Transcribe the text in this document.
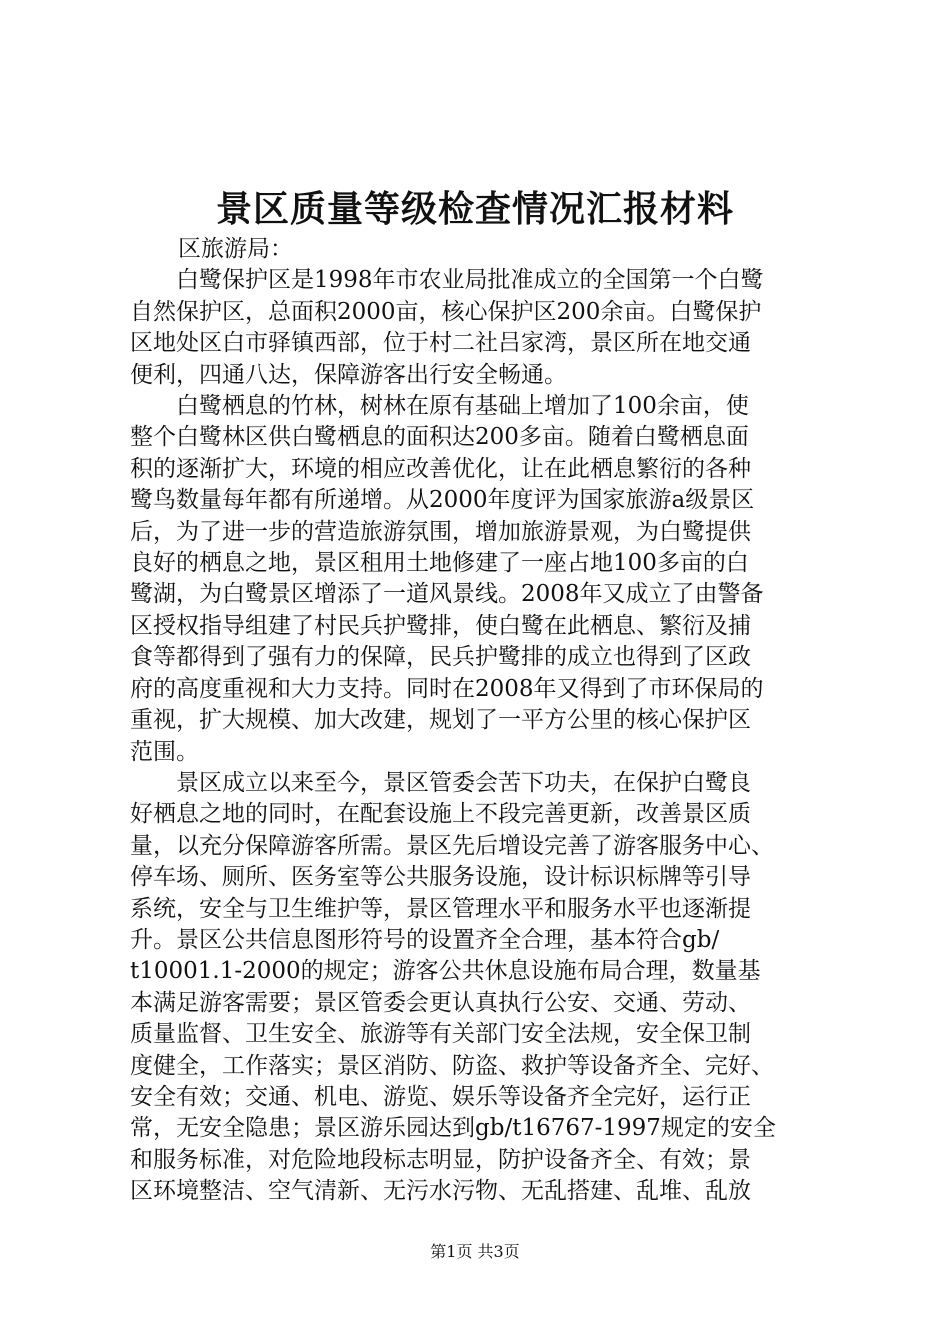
景区质量等级检查情况汇报材料

区旅游局：

　　白鹭保护区是1998年市农业局批准成立的全国第一个白鹭
自然保护区，总面积2000亩，核心保护区200余亩。白鹭保护
区地处区白市驿镇西部，位于村二社吕家湾，景区所在地交通
便利，四通八达，保障游客出行安全畅通。

　　白鹭栖息的竹林，树林在原有基础上增加了100余亩，使
整个白鹭林区供白鹭栖息的面积达200多亩。随着白鹭栖息面
积的逐渐扩大，环境的相应改善优化，让在此栖息繁衍的各种
鹭鸟数量每年都有所递增。从2000年度评为国家旅游a级景区
后，为了进一步的营造旅游氛围，增加旅游景观，为白鹭提供
良好的栖息之地，景区租用土地修建了一座占地100多亩的白
鹭湖，为白鹭景区增添了一道风景线。2008年又成立了由警备
区授权指导组建了村民兵护鹭排，使白鹭在此栖息、繁衍及捕
食等都得到了强有力的保障，民兵护鹭排的成立也得到了区政
府的高度重视和大力支持。同时在2008年又得到了市环保局的
重视，扩大规模、加大改建，规划了一平方公里的核心保护区
范围。

　　景区成立以来至今，景区管委会苦下功夫，在保护白鹭良
好栖息之地的同时，在配套设施上不段完善更新，改善景区质
量，以充分保障游客所需。景区先后增设完善了游客服务中心、
停车场、厕所、医务室等公共服务设施，设计标识标牌等引导
系统，安全与卫生维护等，景区管理水平和服务水平也逐渐提
升。景区公共信息图形符号的设置齐全合理，基本符合gb/
t10001.1-2000的规定；游客公共休息设施布局合理，数量基
本满足游客需要；景区管委会更认真执行公安、交通、劳动、
质量监督、卫生安全、旅游等有关部门安全法规，安全保卫制
度健全，工作落实；景区消防、防盗、救护等设备齐全、完好、
安全有效；交通、机电、游览、娱乐等设备齐全完好，运行正
常，无安全隐患；景区游乐园达到gb/t16767-1997规定的安全
和服务标准，对危险地段标志明显，防护设备齐全、有效；景
区环境整洁、空气清新、无污水污物、无乱搭建、乱堆、乱放

第1页 共3页
